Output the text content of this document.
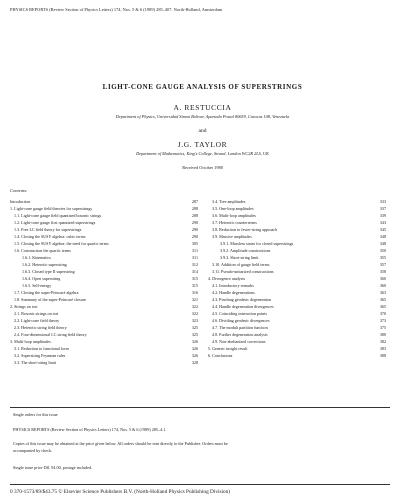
PHYSICS REPORTS (Review Section of Physics Letters) 174, Nos. 5 & 6 (1989) 285–407. North-Holland, Amsterdam
LIGHT-CONE GAUGE ANALYSIS OF SUPERSTRINGS
A. RESTUCCIA
Department of Physics, Universidad Simon Bolivar, Apartado Postal 80659, Caracas 108, Venezuela
and
J.G. TAYLOR
Department of Mathematics, King's College, Strand, London WC2R 2LS, UK
Received October 1988
Contents:
Introduction	287
1. Light-cone gauge field theories for superstrings	288
1.1. Light-cone gauge field quantized bosonic strings	288
1.2. Light-cone gauge first quantized superstrings	290
1.3. Free LC field theory for superstrings	290
1.4. Closing the SUSY algebra: cubic terms	290
1.5. Closing the SUSY algebra: the need for quartic terms	305
1.6. Construction the quartic terms	311
1.6.1. Kinematics	311
1.6.2. Heterotic superstring	312
1.6.3. Closed type II superstring	314
1.6.4. Open superstring	315
1.6.5. Self-energy	315
1.7. Closing the super-Poincaré algebra	316
1.8. Summary of the super-Poincaré closure	321
2. Strings on tori	322
2.1. Bosonic strings on tori	322
2.2. Light-cone field theory	323
2.3. Heterotic string field theory	325
2.4. Four-dimensional LC string field theory	325
3. Multi-loop amplitudes	326
3.1. Reduction to functional form	326
3.2. Superstring Feynman rules	326
3.3. The short-string limit	328
3.4. Tree amplitudes	333
3.5. One-loop amplitudes	337
3.6. Multi-loop amplitudes	339
3.7. Heterotic counterterms	343
3.8. Reduction to fewer-string approach	345
3.9. Massive amplitudes	348
3.9.1. Massless states for closed superstrings	348
3.9.2. Amplitude constructions	350
3.9.3. Short-string limit	355
3.10. Addition of gauge field terms	357
3.11. Pseudo-unitarized constructions	358
4. Divergence analysis	360
4.1. Introductory remarks	360
4.2. Handle degenerations	363
4.3. Pinching geodesic degeneration	365
4.4. Handle degeneration divergences	365
4.5. Coinciding interaction points	370
4.6. Dividing geodesic divergences	373
4.7. The moduli partition function	375
4.8. Further degeneration analysis	380
4.9. Non-abelianized corrections	382
5. Generic insight result	383
6. Conclusions	388
Single orders for this issue
PHYSICS REPORTS (Review Section of Physics Letters) 174, Nos. 5 & 6 (1989) 285–4.1.
Copies of this issue may be obtained at the price given below. All orders should be sent directly to the Publisher. Orders must be
accompanied by check.
Single issue price Dfl. 94.00, postage included.
0 370-1573/89/$43.75 © Elsevier Science Publishers B.V. (North-Holland Physics Publishing Division)
